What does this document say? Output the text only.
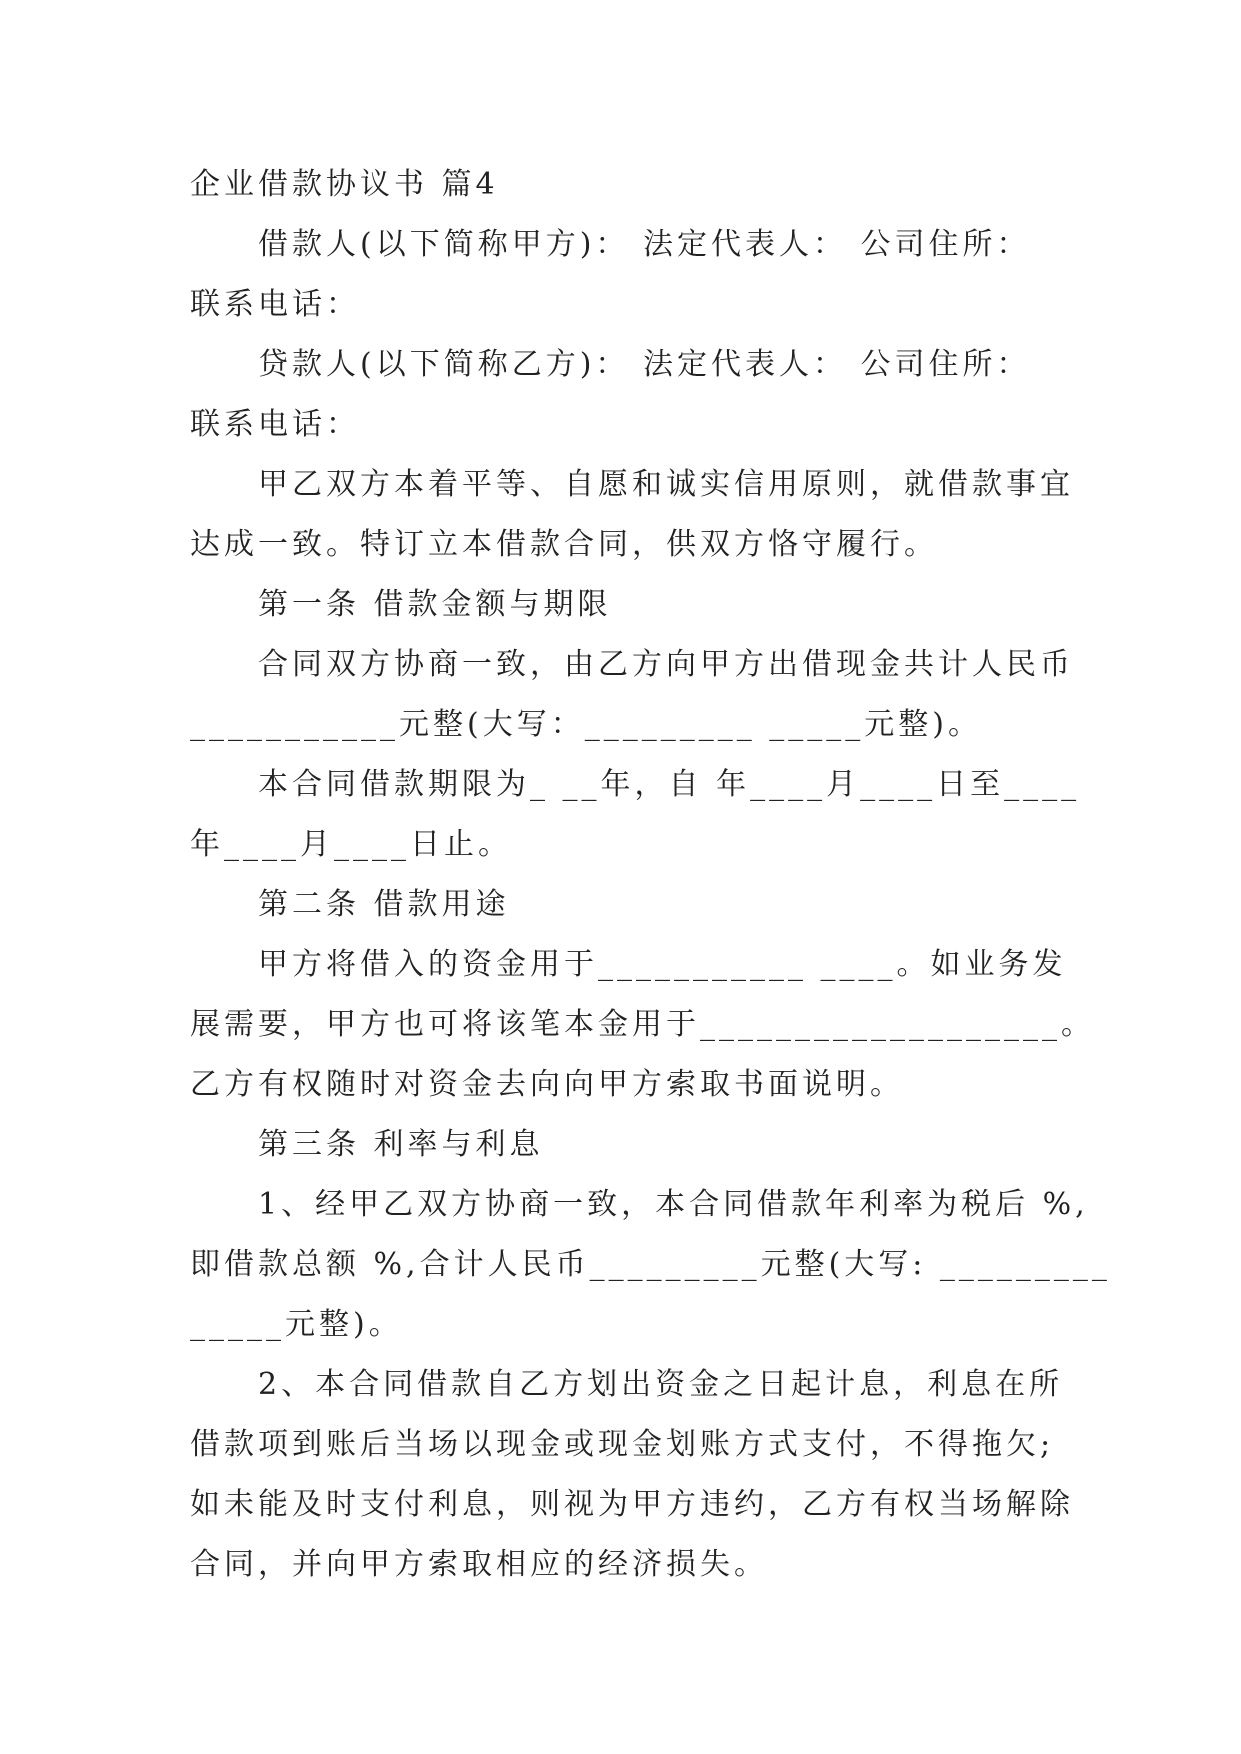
企业借款协议书 篇4
借款人(以下简称甲方)： 法定代表人： 公司住所：
联系电话：
贷款人(以下简称乙方)： 法定代表人： 公司住所：
联系电话：
甲乙双方本着平等、自愿和诚实信用原则，就借款事宜
达成一致。特订立本借款合同，供双方恪守履行。
第一条 借款金额与期限
合同双方协商一致，由乙方向甲方出借现金共计人民币
___________元整(大写：_________ _____元整)。
本合同借款期限为_ __年，自 年____月____日至____
年____月____日止。
第二条 借款用途
甲方将借入的资金用于___________ ____。如业务发
展需要，甲方也可将该笔本金用于___________________。
乙方有权随时对资金去向向甲方索取书面说明。
第三条 利率与利息
1、经甲乙双方协商一致，本合同借款年利率为税后 %,
即借款总额 %,合计人民币_________元整(大写: _________
_____元整)。
2、本合同借款自乙方划出资金之日起计息，利息在所
借款项到账后当场以现金或现金划账方式支付，不得拖欠;
如未能及时支付利息，则视为甲方违约，乙方有权当场解除
合同，并向甲方索取相应的经济损失。
